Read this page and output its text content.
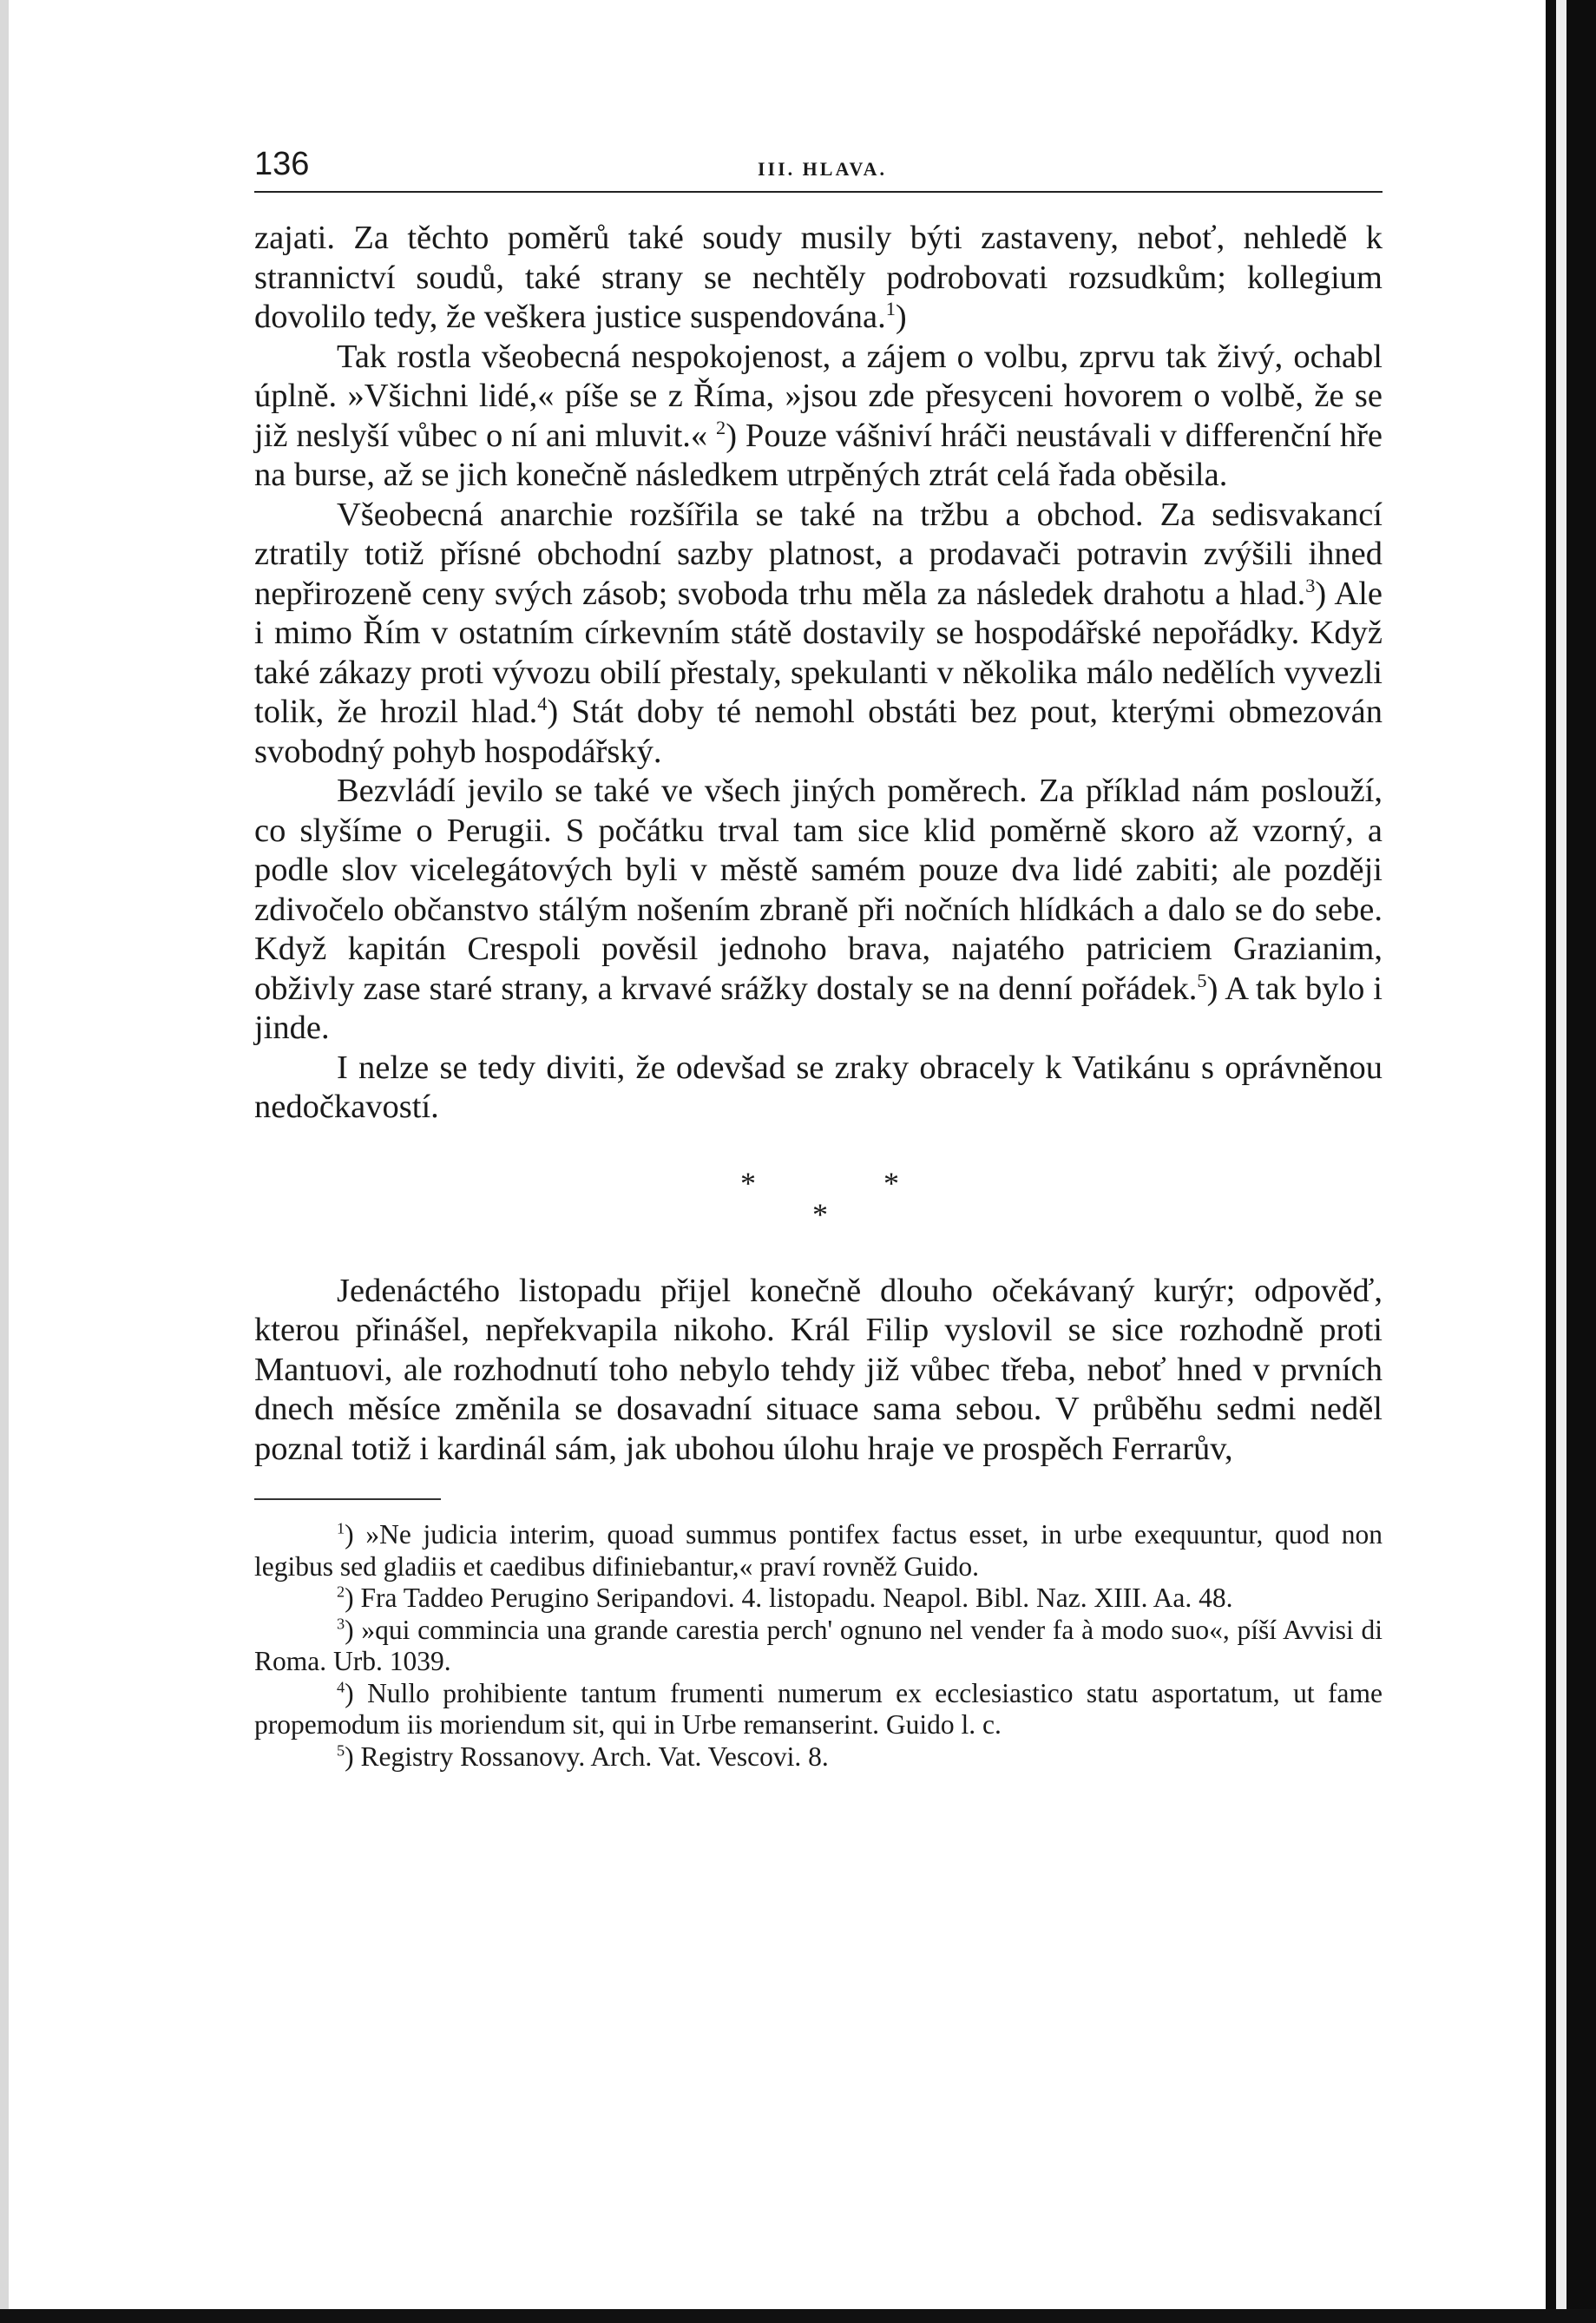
136	III. HLAVA.

zajati. Za těchto poměrů také soudy musily býti zastaveny, neboť, nehledě k strannictví soudů, také strany se nechtěly podrobovati rozsudkům; kollegium dovolilo tedy, že veškera justice suspendována.$^1$)

Tak rostla všeobecná nespokojenost, a zájem o volbu, zprvu tak živý, ochabl úplně. »Všichni lidé,« píše se z Říma, »jsou zde přesyceni hovorem o volbě, že se již neslyší vůbec o ní ani mluvit.« $^2$) Pouze vášniví hráči neustávali v differenční hře na burse, až se jich konečně následkem utrpěných ztrát celá řada oběsila.

Všeobecná anarchie rozšířila se také na tržbu a obchod. Za sedisvakancí ztratily totiž přísné obchodní sazby platnost, a prodavači potravin zvýšili ihned nepřirozeně ceny svých zásob; svoboda trhu měla za následek drahotu a hlad.$^3$) Ale i mimo Řím v ostatním církevním státě dostavily se hospodářské nepořádky. Když také zákazy proti vývozu obilí přestaly, spekulanti v několika málo nedělích vyvezli tolik, že hrozil hlad.$^4$) Stát doby té nemohl obstáti bez pout, kterými obmezován svobodný pohyb hospodářský.

Bezvládí jevilo se také ve všech jiných poměrech. Za příklad nám poslouží, co slyšíme o Perugii. S počátku trval tam sice klid poměrně skoro až vzorný, a podle slov vicelegátových byli v městě samém pouze dva lidé zabiti; ale později zdivočelo občanstvo stálým nošením zbraně při nočních hlídkách a dalo se do sebe. Když kapitán Crespoli pověsil jednoho brava, najatého patriciem Grazianim, obživly zase staré strany, a krvavé srážky dostaly se na denní pořádek.$^5$) A tak bylo i jinde.

I nelze se tedy diviti, že odevšad se zraky obracely k Vatikánu s oprávněnou nedočkavostí.

*	*
*

Jedenáctého listopadu přijel konečně dlouho očekávaný kurýr; odpověď, kterou přinášel, nepřekvapila nikoho. Král Filip vyslovil se sice rozhodně proti Mantuovi, ale rozhodnutí toho nebylo tehdy již vůbec třeba, neboť hned v prvních dnech měsíce změnila se dosavadní situace sama sebou. V průběhu sedmi neděl poznal totiž i kardinál sám, jak ubohou úlohu hraje ve prospěch Ferrarův,

$^1$) »Ne judicia interim, quoad summus pontifex factus esset, in urbe exequuntur, quod non legibus sed gladiis et caedibus difiniebantur,« praví rovněž Guido.

$^2$) Fra Taddeo Perugino Seripandovi. 4. listopadu. Neapol. Bibl. Naz. XIII. Aa. 48.

$^3$) »qui commincia una grande carestia perch' ognuno nel vender fa à modo suo«, píší Avvisi di Roma. Urb. 1039.

$^4$) Nullo prohibiente tantum frumenti numerum ex ecclesiastico statu asportatum, ut fame propemodum iis moriendum sit, qui in Urbe remanserint. Guido l. c.

$^5$) Registry Rossanovy. Arch. Vat. Vescovi. 8.
